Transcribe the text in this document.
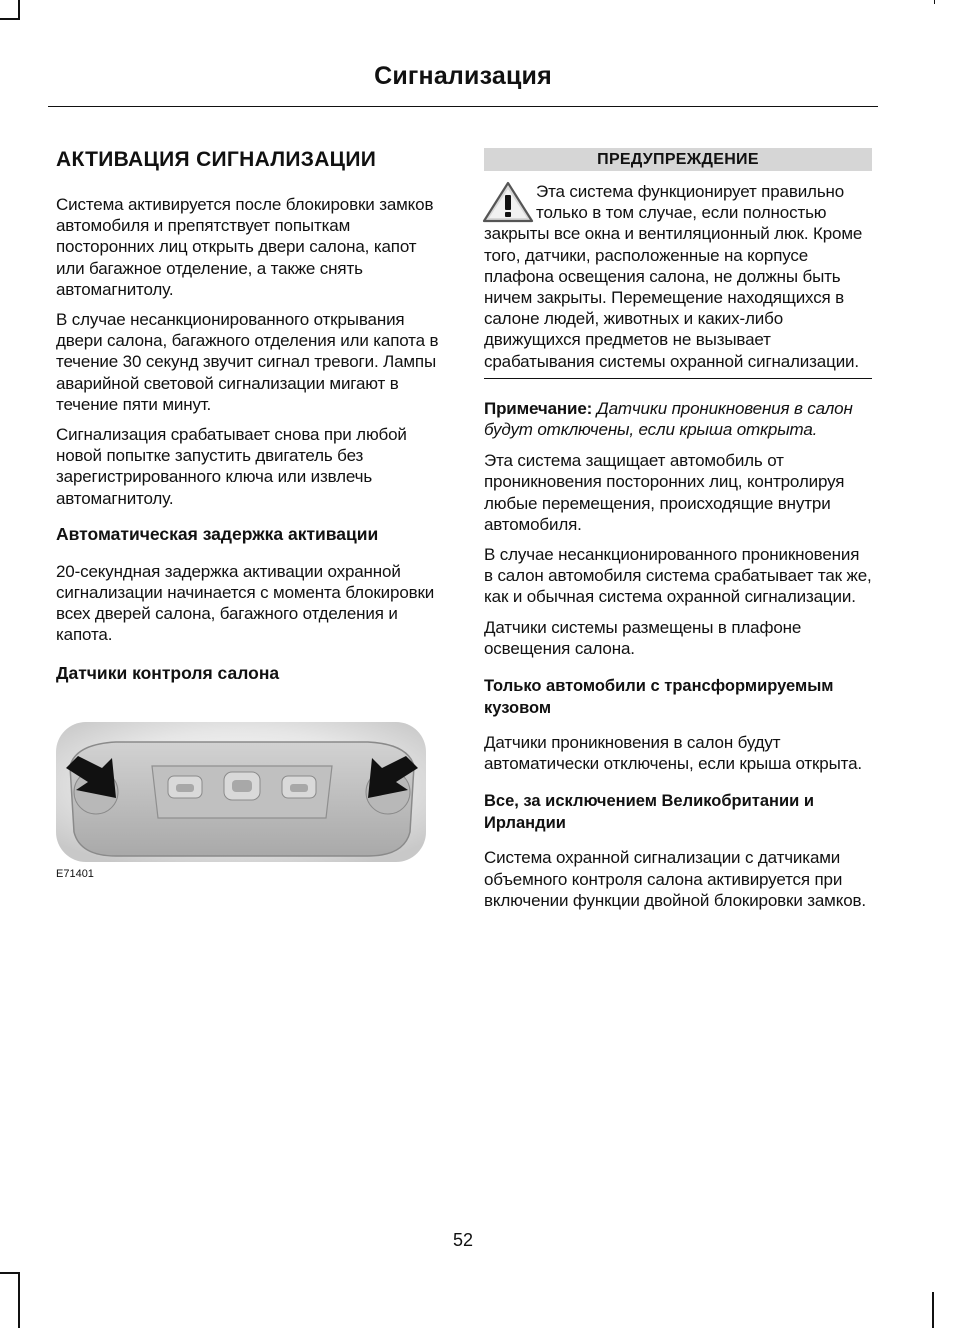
Сигнализация
АКТИВАЦИЯ СИГНАЛИЗАЦИИ

Система активируется после блокировки замков автомобиля и препятствует попыткам посторонних лиц открыть двери салона, капот или багажное отделение, а также снять автомагнитолу.

В случае несанкционированного открывания двери салона, багажного отделения или капота в течение 30 секунд звучит сигнал тревоги. Лампы аварийной световой сигнализации мигают в течение пяти минут.

Сигнализация срабатывает снова при любой новой попытке запустить двигатель без зарегистрированного ключа или извлечь автомагнитолу.

Автоматическая задержка активации

20-секундная задержка активации охранной сигнализации начинается с момента блокировки всех дверей салона, багажного отделения и капота.

Датчики контроля салона
E71401
ПРЕДУПРЕЖДЕНИЕ
Эта система функционирует правильно только в том случае, если полностью закрыты все окна и вентиляционный люк. Кроме того, датчики, расположенные на корпусе плафона освещения салона, не должны быть ничем закрыты. Перемещение находящихся в салоне людей, животных и каких-либо движущихся предметов не вызывает срабатывания системы охранной сигнализации.

Примечание: Датчики проникновения в салон будут отключены, если крыша открыта.

Эта система защищает автомобиль от проникновения посторонних лиц, контролируя любые перемещения, происходящие внутри автомобиля.

В случае несанкционированного проникновения в салон автомобиля система срабатывает так же, как и обычная система охранной сигнализации.

Датчики системы размещены в плафоне освещения салона.

Только автомобили с трансформируемым кузовом

Датчики проникновения в салон будут автоматически отключены, если крыша открыта.

Все, за исключением Великобритании и Ирландии

Система охранной сигнализации с датчиками объемного контроля салона активируется при включении функции двойной блокировки замков.

52
